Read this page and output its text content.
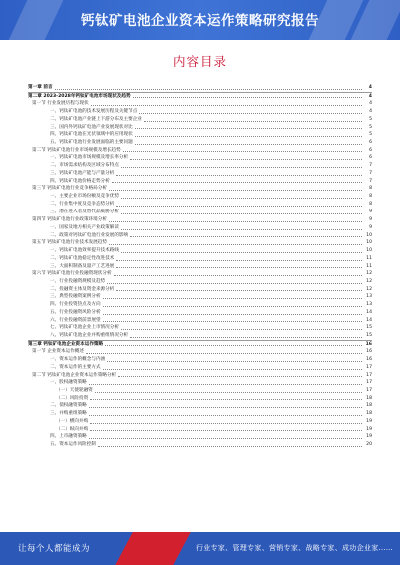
钙钛矿电池企业资本运作策略研究报告
内容目录
第一章 前言	4
第二章 2023-2028年钙钛矿电池市场现状及趋势	4
第一节 行业发展历程与现状	4
一、钙钛矿电池的技术发展历程及关键节点	4
二、钙钛矿电池产业链上下游分布及主要企业	5
三、国内外钙钛矿电池产业发展现状对比	5
四、钙钛矿电池在光伏领域中的应用现状	5
五、钙钛矿电池行业发展面临的主要问题	6
第二节 钙钛矿电池行业市场规模及增长趋势	6
一、钙钛矿电池市场规模及增长率分析	6
二、市场需求结构及区域分布特点	7
三、钙钛矿电池产能与产量分析	7
四、钙钛矿电池价格走势分析	7
第三节 钙钛矿电池行业竞争格局分析	8
一、主要企业市场份额及竞争优势	8
二、行业集中度及竞争态势分析	8
三、潜在进入者及替代品威胁分析	9
第四节 钙钛矿电池行业政策环境分析	9
一、国家及地方相关产业政策解读	9
二、政策对钙钛矿电池行业发展的影响	10
第五节 钙钛矿电池行业技术发展趋势	10
一、钙钛矿电池效率提升技术路线	10
二、钙钛矿电池稳定性改进技术	11
三、大面积制备及量产工艺进展	11
第六节 钙钛矿电池行业投融资现状分析	12
一、行业投融资规模及趋势	12
二、投融资主体及资金来源分析	12
三、典型投融资案例分析	13
四、行业投资热点及方向	13
五、行业投融资风险分析	14
六、行业投融资前景展望	14
七、钙钛矿电池企业上市情况分析	15
八、钙钛矿电池企业并购重组情况分析	15
第三章 钙钛矿电池企业资本运作策略	16
第一节 企业资本运作概述	16
一、资本运作的概念与内涵	16
二、资本运作的主要方式	17
第二节 钙钛矿电池企业资本运作策略分析	17
一、股权融资策略	17
（一）天使轮融资	17
（二）风险投资	18
二、债权融资策略	18
三、并购重组策略	18
（一）横向并购	19
（二）纵向并购	19
四、上市融资策略	19
五、资本运作风险控制	20
让每个人都能成为	行业专家、管理专家、营销专家、战略专家、成功企业家……
